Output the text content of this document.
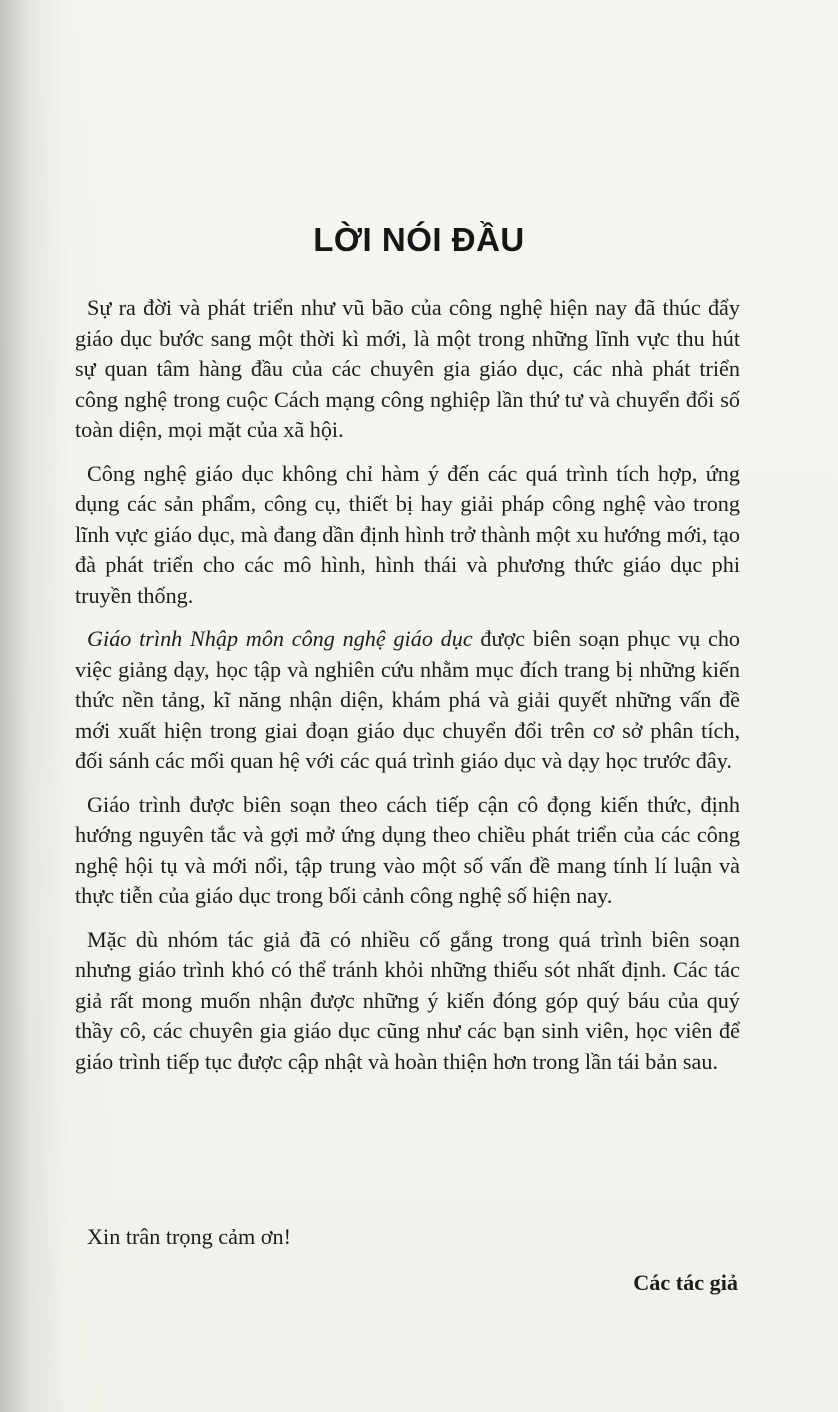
LỜI NÓI ĐẦU

Sự ra đời và phát triển như vũ bão của công nghệ hiện nay đã thúc đẩy giáo dục bước sang một thời kì mới, là một trong những lĩnh vực thu hút sự quan tâm hàng đầu của các chuyên gia giáo dục, các nhà phát triển công nghệ trong cuộc Cách mạng công nghiệp lần thứ tư và chuyển đổi số toàn diện, mọi mặt của xã hội.

Công nghệ giáo dục không chỉ hàm ý đến các quá trình tích hợp, ứng dụng các sản phẩm, công cụ, thiết bị hay giải pháp công nghệ vào trong lĩnh vực giáo dục, mà đang dần định hình trở thành một xu hướng mới, tạo đà phát triển cho các mô hình, hình thái và phương thức giáo dục phi truyền thống.

Giáo trình Nhập môn công nghệ giáo dục được biên soạn phục vụ cho việc giảng dạy, học tập và nghiên cứu nhằm mục đích trang bị những kiến thức nền tảng, kĩ năng nhận diện, khám phá và giải quyết những vấn đề mới xuất hiện trong giai đoạn giáo dục chuyển đổi trên cơ sở phân tích, đối sánh các mối quan hệ với các quá trình giáo dục và dạy học trước đây.

Giáo trình được biên soạn theo cách tiếp cận cô đọng kiến thức, định hướng nguyên tắc và gợi mở ứng dụng theo chiều phát triển của các công nghệ hội tụ và mới nổi, tập trung vào một số vấn đề mang tính lí luận và thực tiễn của giáo dục trong bối cảnh công nghệ số hiện nay.

Mặc dù nhóm tác giả đã có nhiều cố gắng trong quá trình biên soạn nhưng giáo trình khó có thể tránh khỏi những thiếu sót nhất định. Các tác giả rất mong muốn nhận được những ý kiến đóng góp quý báu của quý thầy cô, các chuyên gia giáo dục cũng như các bạn sinh viên, học viên để giáo trình tiếp tục được cập nhật và hoàn thiện hơn trong lần tái bản sau.

Xin trân trọng cảm ơn!

Các tác giả
